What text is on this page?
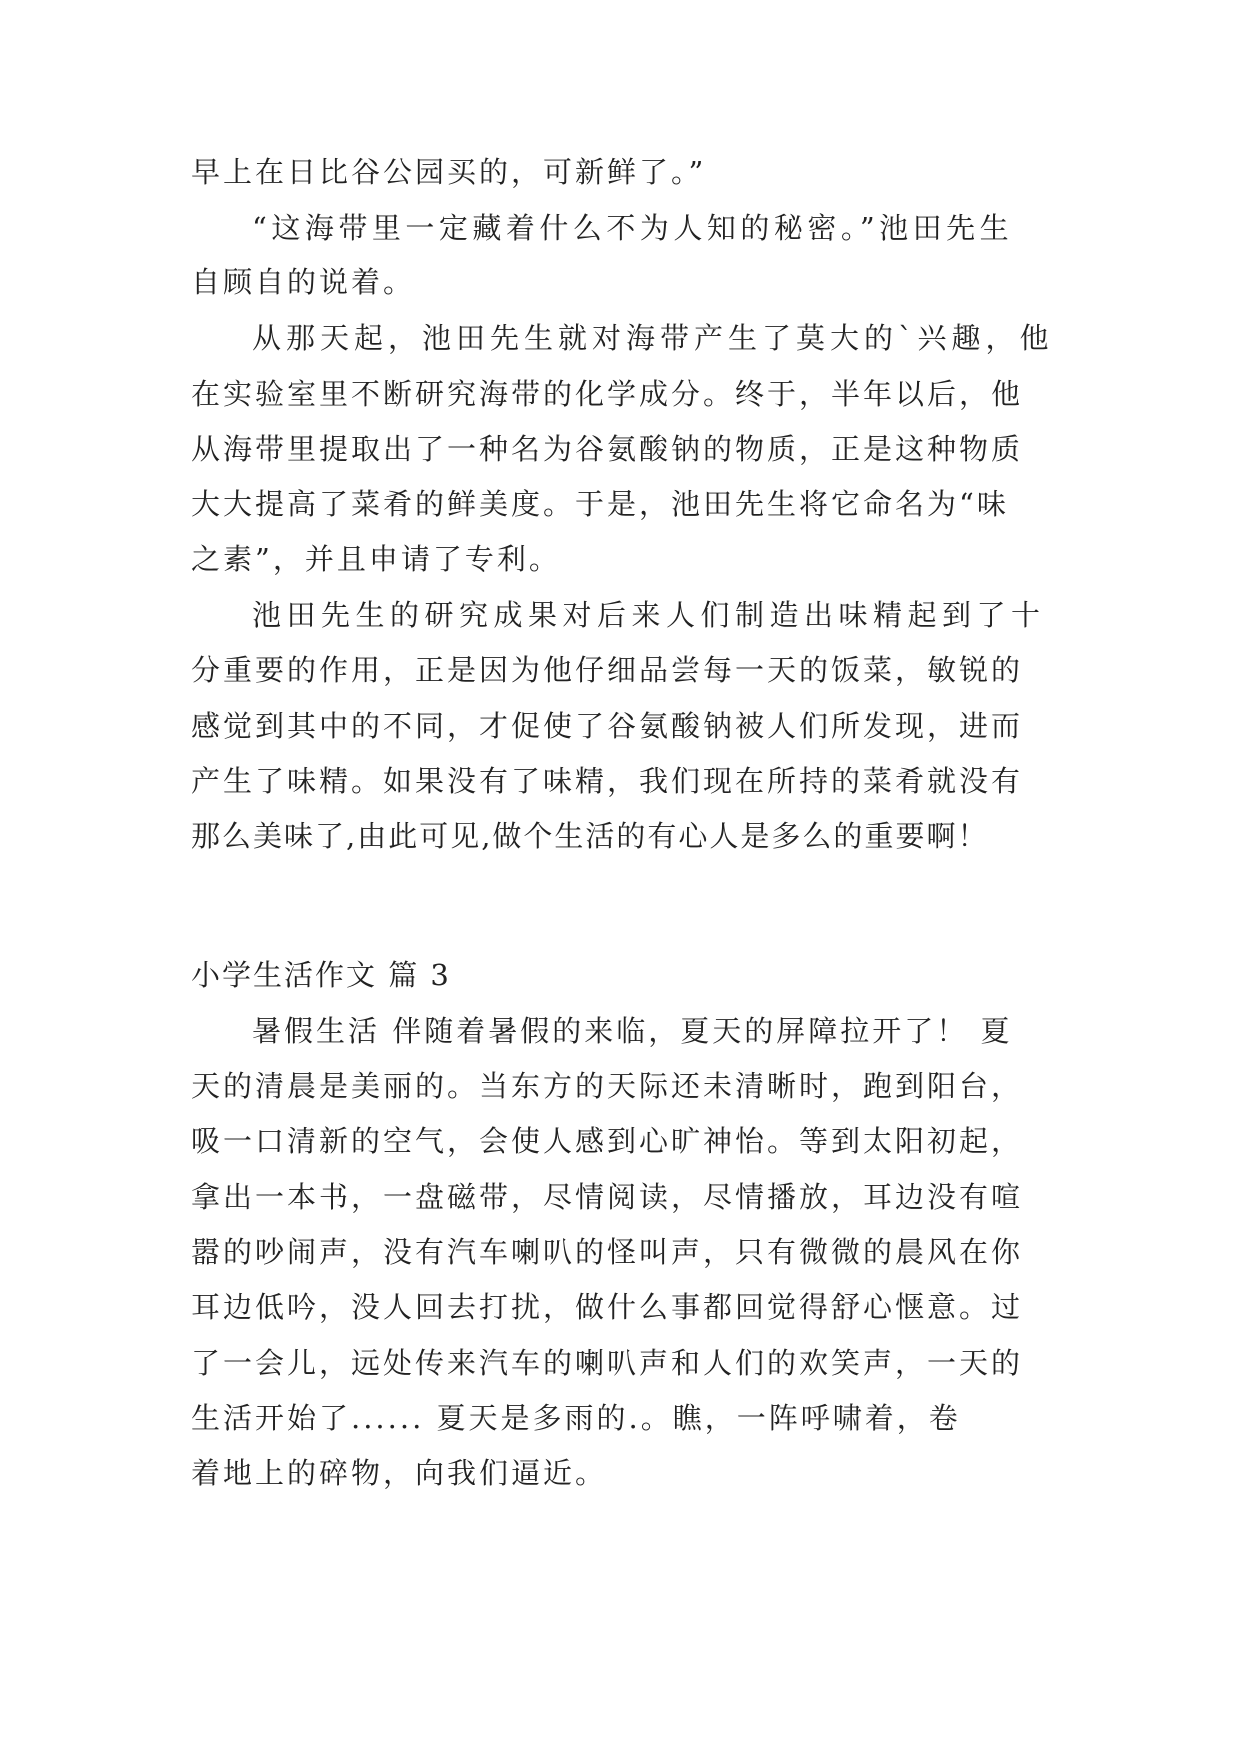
早上在日比谷公园买的，可新鲜了。”
“这海带里一定藏着什么不为人知的秘密。”池田先生
自顾自的说着。
从那天起，池田先生就对海带产生了莫大的`兴趣，他
在实验室里不断研究海带的化学成分。终于，半年以后，他
从海带里提取出了一种名为谷氨酸钠的物质，正是这种物质
大大提高了菜肴的鲜美度。于是，池田先生将它命名为“味
之素”，并且申请了专利。
池田先生的研究成果对后来人们制造出味精起到了十
分重要的作用，正是因为他仔细品尝每一天的饭菜，敏锐的
感觉到其中的不同，才促使了谷氨酸钠被人们所发现，进而
产生了味精。如果没有了味精，我们现在所持的菜肴就没有
那么美味了,由此可见,做个生活的有心人是多么的重要啊！
小学生活作文 篇 3
暑假生活 伴随着暑假的来临，夏天的屏障拉开了！ 夏
天的清晨是美丽的。当东方的天际还未清晰时，跑到阳台，
吸一口清新的空气，会使人感到心旷神怡。等到太阳初起，
拿出一本书，一盘磁带，尽情阅读，尽情播放，耳边没有喧
嚣的吵闹声，没有汽车喇叭的怪叫声，只有微微的晨风在你
耳边低吟，没人回去打扰，做什么事都回觉得舒心惬意。过
了一会儿，远处传来汽车的喇叭声和人们的欢笑声，一天的
生活开始了...... 夏天是多雨的.。瞧，一阵呼啸着，卷
着地上的碎物，向我们逼近。
